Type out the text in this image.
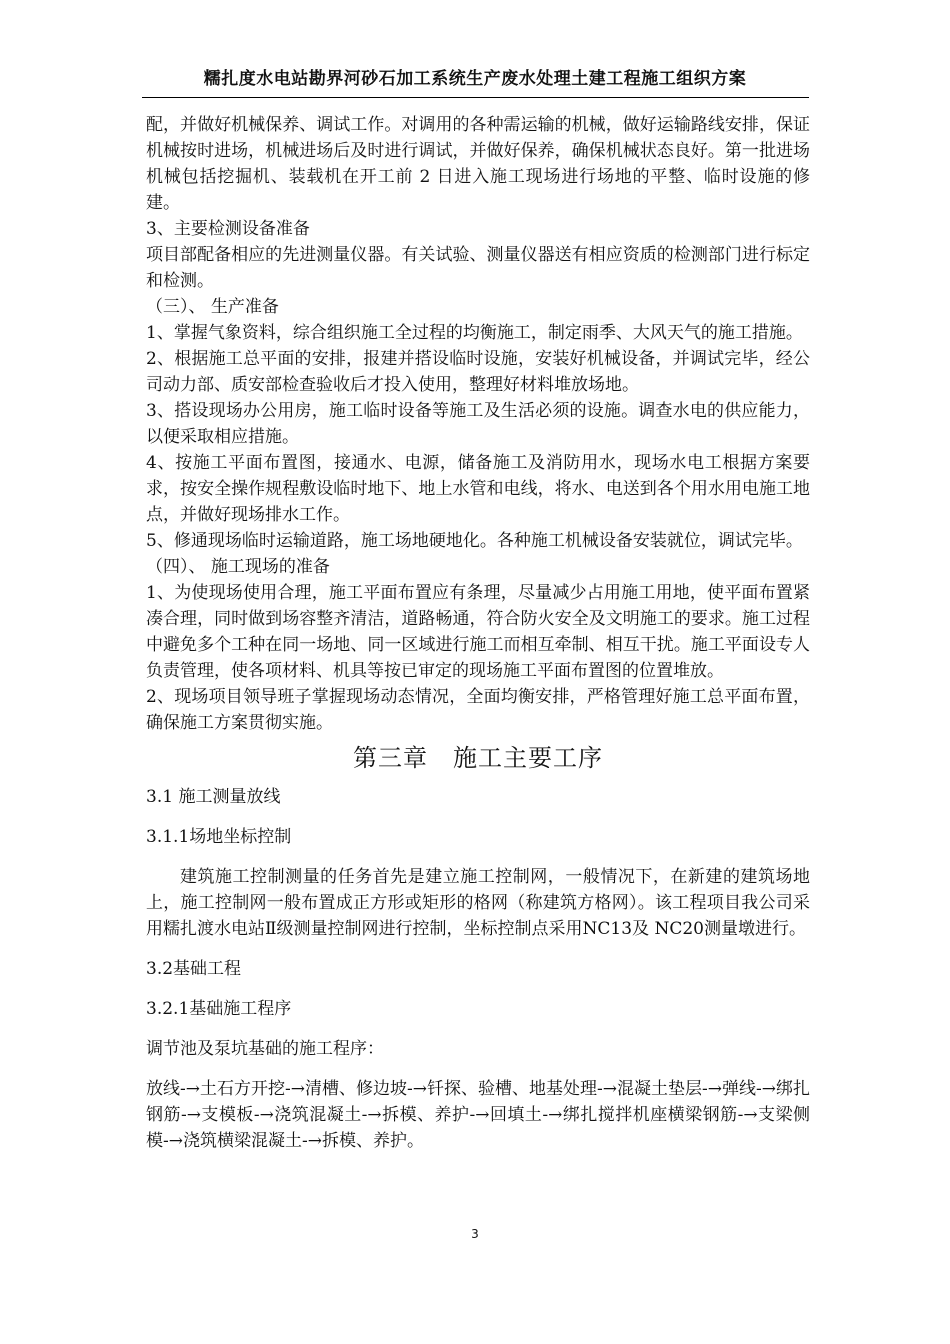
糯扎度水电站勘界河砂石加工系统生产废水处理土建工程施工组织方案

配，并做好机械保养、调试工作。对调用的各种需运输的机械，做好运输路线安排，保证机械按时进场，机械进场后及时进行调试，并做好保养，确保机械状态良好。第一批进场机械包括挖掘机、装载机在开工前 2 日进入施工现场进行场地的平整、临时设施的修建。

3、主要检测设备准备

项目部配备相应的先进测量仪器。有关试验、测量仪器送有相应资质的检测部门进行标定和检测。

（三）、 生产准备

1、掌握气象资料，综合组织施工全过程的均衡施工，制定雨季、大风天气的施工措施。

2、根据施工总平面的安排，报建并搭设临时设施，安装好机械设备，并调试完毕，经公司动力部、质安部检查验收后才投入使用，整理好材料堆放场地。

3、搭设现场办公用房，施工临时设备等施工及生活必须的设施。调查水电的供应能力，以便采取相应措施。

4、按施工平面布置图，接通水、电源，储备施工及消防用水，现场水电工根据方案要求，按安全操作规程敷设临时地下、地上水管和电线，将水、电送到各个用水用电施工地点，并做好现场排水工作。

5、修通现场临时运输道路，施工场地硬地化。各种施工机械设备安装就位，调试完毕。

（四）、 施工现场的准备

1、为使现场使用合理，施工平面布置应有条理，尽量减少占用施工用地，使平面布置紧凑合理，同时做到场容整齐清洁，道路畅通，符合防火安全及文明施工的要求。施工过程中避免多个工种在同一场地、同一区域进行施工而相互牵制、相互干扰。施工平面设专人负责管理，使各项材料、机具等按已审定的现场施工平面布置图的位置堆放。

2、现场项目领导班子掌握现场动态情况，全面均衡安排，严格管理好施工总平面布置，确保施工方案贯彻实施。

第三章　施工主要工序

3.1 施工测量放线

3.1.1场地坐标控制

建筑施工控制测量的任务首先是建立施工控制网，一般情况下，在新建的建筑场地上，施工控制网一般布置成正方形或矩形的格网（称建筑方格网）。该工程项目我公司采用糯扎渡水电站Ⅱ级测量控制网进行控制，坐标控制点采用NC13及 NC20测量墩进行。

3.2基础工程

3.2.1基础施工程序

调节池及泵坑基础的施工程序：

放线-→土石方开挖-→清槽、修边坡-→钎探、验槽、地基处理-→混凝土垫层-→弹线-→绑扎钢筋-→支模板-→浇筑混凝土-→拆模、养护-→回填土-→绑扎搅拌机座横梁钢筋-→支梁侧模-→浇筑横梁混凝土-→拆模、养护。

3
